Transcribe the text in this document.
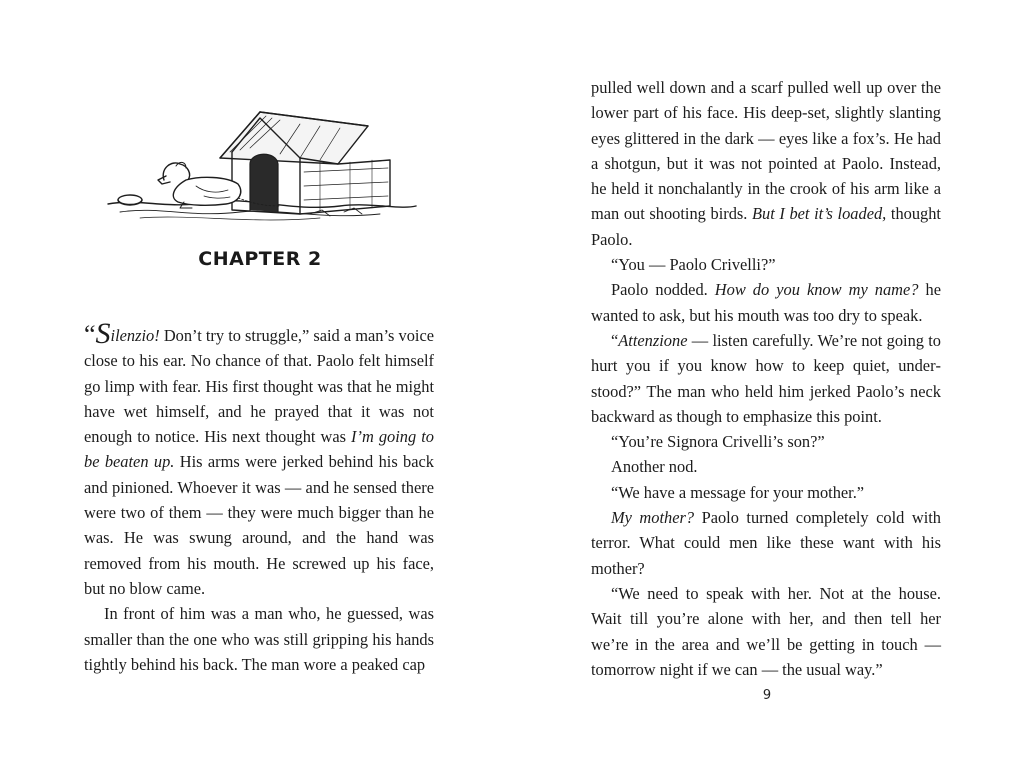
CHAPTER 2

“Silenzio! Don’t try to struggle,” said a man’s voice close to his ear. No chance of that. Paolo felt himself go limp with fear. His first thought was that he might have wet himself, and he prayed that it was not enough to notice. His next thought was I’m going to be beaten up. His arms were jerked behind his back and pinioned. Whoever it was — and he sensed there were two of them — they were much bigger than he was. He was swung around, and the hand was removed from his mouth. He screwed up his face, but no blow came.

In front of him was a man who, he guessed, was smaller than the one who was still gripping his hands tightly behind his back. The man wore a peaked cap

pulled well down and a scarf pulled well up over the lower part of his face. His deep-set, slightly slanting eyes glittered in the dark — eyes like a fox’s. He had a shotgun, but it was not pointed at Paolo. Instead, he held it nonchalantly in the crook of his arm like a man out shooting birds. But I bet it’s loaded, thought Paolo.

“You — Paolo Crivelli?”

Paolo nodded. How do you know my name? he wanted to ask, but his mouth was too dry to speak.

“Attenzione — listen carefully. We’re not going to hurt you if you know how to keep quiet, understood?” The man who held him jerked Paolo’s neck backward as though to emphasize this point.

“You’re Signora Crivelli’s son?”

Another nod.

“We have a message for your mother.”

My mother? Paolo turned completely cold with terror. What could men like these want with his mother?

“We need to speak with her. Not at the house. Wait till you’re alone with her, and then tell her we’re in the area and we’ll be getting in touch — tomorrow night if we can — the usual way.”

9
